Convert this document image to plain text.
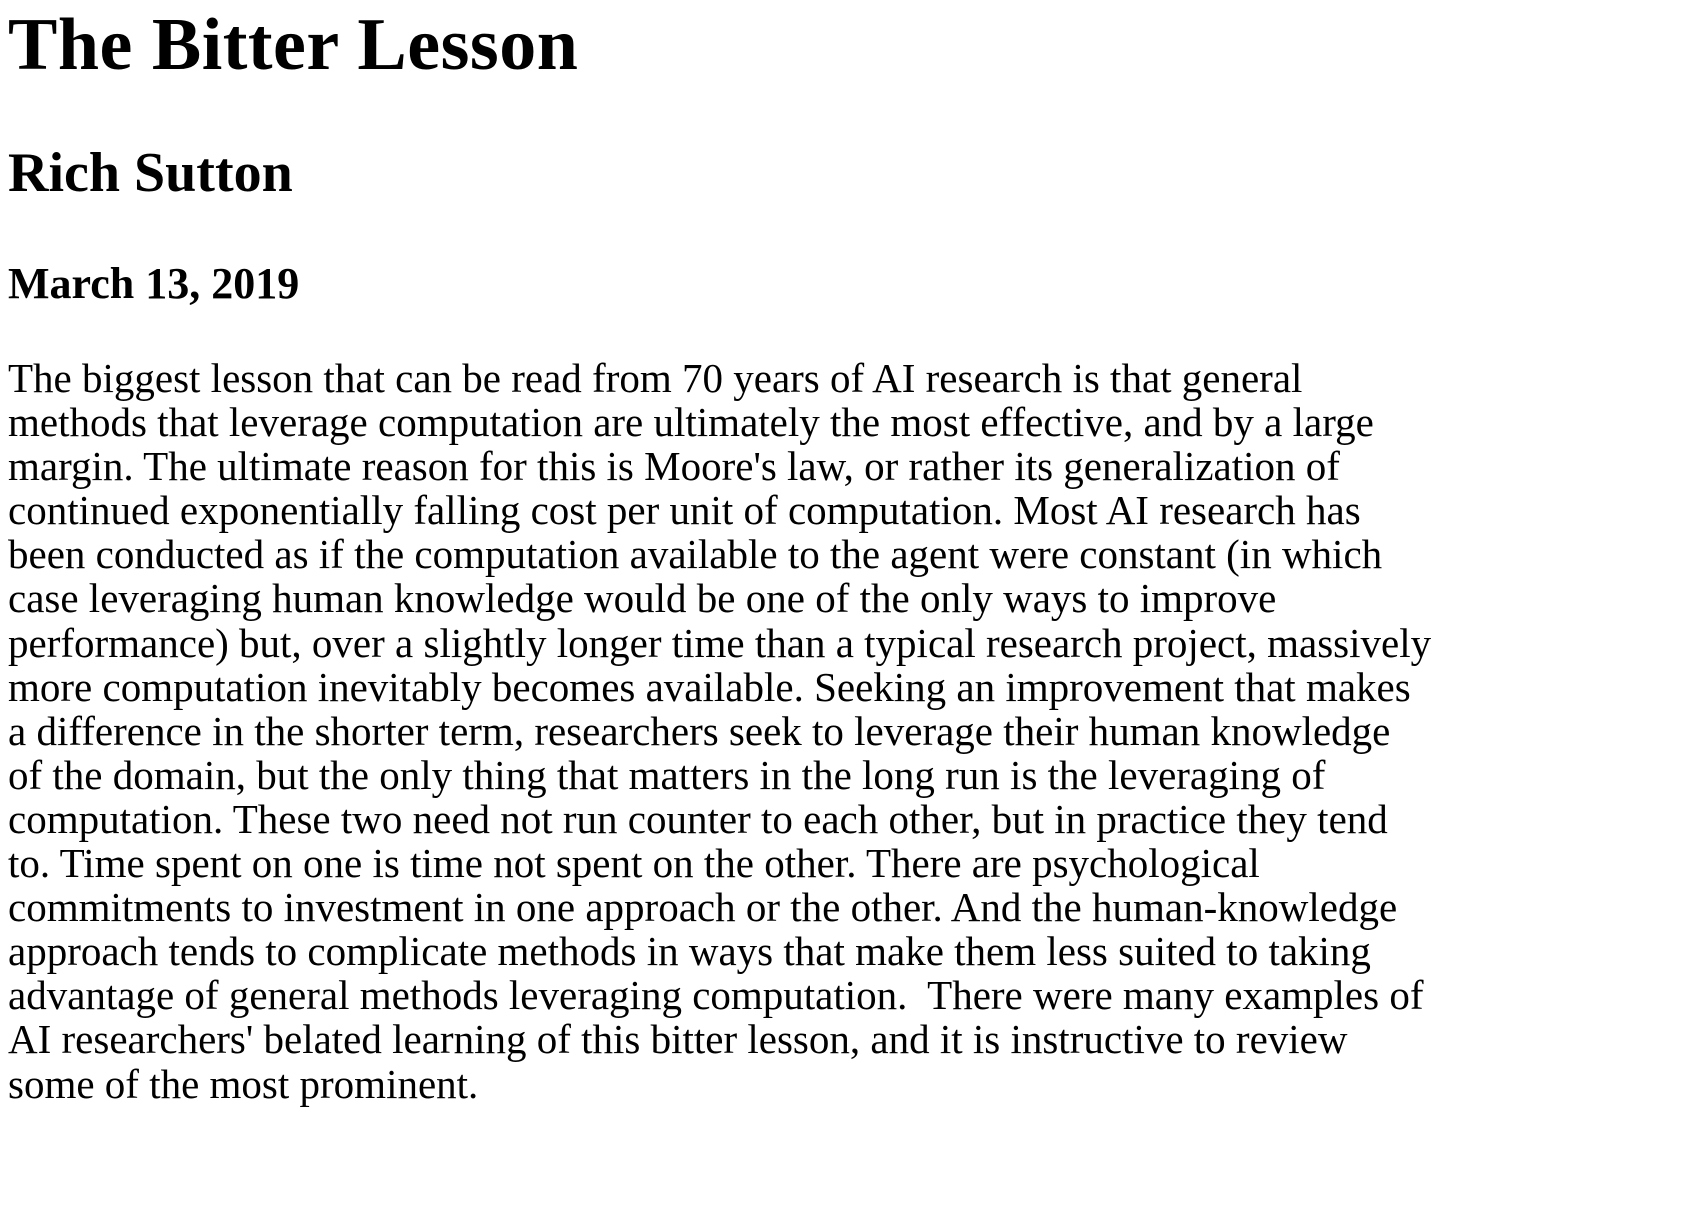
The Bitter Lesson
Rich Sutton
March 13, 2019

The biggest lesson that can be read from 70 years of AI research is that general
methods that leverage computation are ultimately the most effective, and by a large
margin. The ultimate reason for this is Moore's law, or rather its generalization of
continued exponentially falling cost per unit of computation. Most AI research has
been conducted as if the computation available to the agent were constant (in which
case leveraging human knowledge would be one of the only ways to improve
performance) but, over a slightly longer time than a typical research project, massively
more computation inevitably becomes available. Seeking an improvement that makes
a difference in the shorter term, researchers seek to leverage their human knowledge
of the domain, but the only thing that matters in the long run is the leveraging of
computation. These two need not run counter to each other, but in practice they tend
to. Time spent on one is time not spent on the other. There are psychological
commitments to investment in one approach or the other. And the human-knowledge
approach tends to complicate methods in ways that make them less suited to taking
advantage of general methods leveraging computation.  There were many examples of
AI researchers' belated learning of this bitter lesson, and it is instructive to review
some of the most prominent.
